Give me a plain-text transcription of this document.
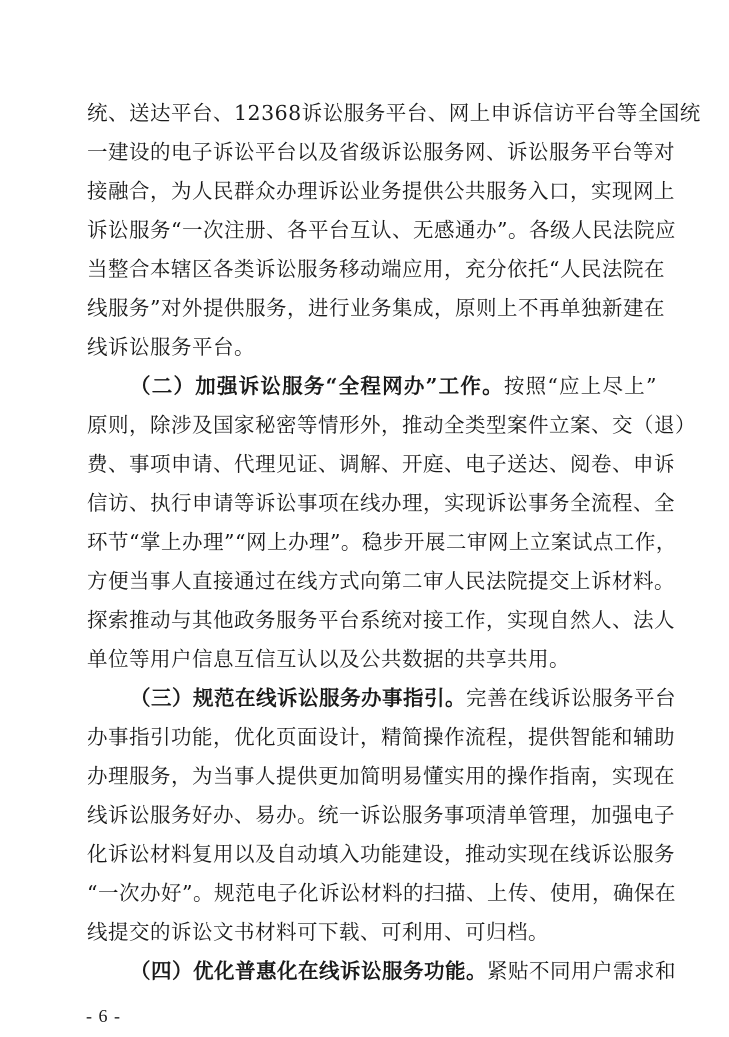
统、送达平台、12368诉讼服务平台、网上申诉信访平台等全国统
一建设的电子诉讼平台以及省级诉讼服务网、诉讼服务平台等对
接融合，为人民群众办理诉讼业务提供公共服务入口，实现网上
诉讼服务“一次注册、各平台互认、无感通办”。各级人民法院应
当整合本辖区各类诉讼服务移动端应用，充分依托“人民法院在
线服务”对外提供服务，进行业务集成，原则上不再单独新建在
线诉讼服务平台。
（二）加强诉讼服务“全程网办”工作。按照“应上尽上”
原则，除涉及国家秘密等情形外，推动全类型案件立案、交（退）
费、事项申请、代理见证、调解、开庭、电子送达、阅卷、申诉
信访、执行申请等诉讼事项在线办理，实现诉讼事务全流程、全
环节“掌上办理”“网上办理”。稳步开展二审网上立案试点工作，
方便当事人直接通过在线方式向第二审人民法院提交上诉材料。
探索推动与其他政务服务平台系统对接工作，实现自然人、法人
单位等用户信息互信互认以及公共数据的共享共用。
（三）规范在线诉讼服务办事指引。完善在线诉讼服务平台
办事指引功能，优化页面设计，精简操作流程，提供智能和辅助
办理服务，为当事人提供更加简明易懂实用的操作指南，实现在
线诉讼服务好办、易办。统一诉讼服务事项清单管理，加强电子
化诉讼材料复用以及自动填入功能建设，推动实现在线诉讼服务
“一次办好”。规范电子化诉讼材料的扫描、上传、使用，确保在
线提交的诉讼文书材料可下载、可利用、可归档。
（四）优化普惠化在线诉讼服务功能。紧贴不同用户需求和
- 6 -
